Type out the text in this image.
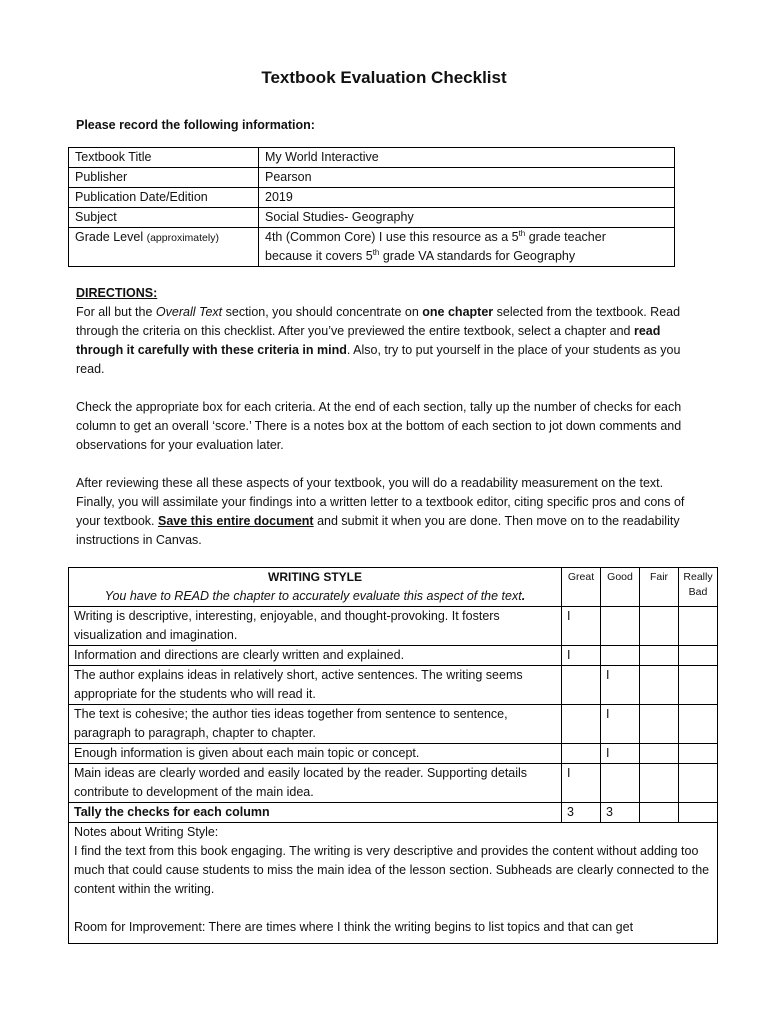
Textbook Evaluation Checklist
Please record the following information:
Textbook Title	My World Interactive
Publisher	Pearson
Publication Date/Edition	2019
Subject	Social Studies- Geography
Grade Level (approximately)	4th (Common Core) I use this resource as a 5th grade teacher
because it covers 5th grade VA standards for Geography
DIRECTIONS:

For all but the Overall Text section, you should concentrate on one chapter selected from the textbook. Read through the criteria on this checklist. After you’ve previewed the entire textbook, select a chapter and read through it carefully with these criteria in mind. Also, try to put yourself in the place of your students as you read.

Check the appropriate box for each criteria. At the end of each section, tally up the number of checks for each column to get an overall ‘score.’ There is a notes box at the bottom of each section to jot down comments and observations for your evaluation later.

After reviewing these all these aspects of your textbook, you will do a readability measurement on the text. Finally, you will assimilate your findings into a written letter to a textbook editor, citing specific pros and cons of your textbook. Save this entire document and submit it when you are done. Then move on to the readability instructions in Canvas.

WRITING STYLE
You have to READ the chapter to accurately evaluate this aspect of the text.	Great	Good	Fair	Really Bad
Writing is descriptive, interesting, enjoyable, and thought-provoking. It fosters visualization and imagination.	I			
Information and directions are clearly written and explained.	I			
The author explains ideas in relatively short, active sentences. The writing seems appropriate for the students who will read it.		I		
The text is cohesive; the author ties ideas together from sentence to sentence, paragraph to paragraph, chapter to chapter.		I		
Enough information is given about each main topic or concept.		I		
Main ideas are clearly worded and easily located by the reader. Supporting details contribute to development of the main idea.	I			
Tally the checks for each column	3	3		

Notes about Writing Style:

I find the text from this book engaging. The writing is very descriptive and provides the content without adding too much that could cause students to miss the main idea of the lesson section. Subheads are clearly connected to the content within the writing.

Room for Improvement: There are times where I think the writing begins to list topics and that can get				
